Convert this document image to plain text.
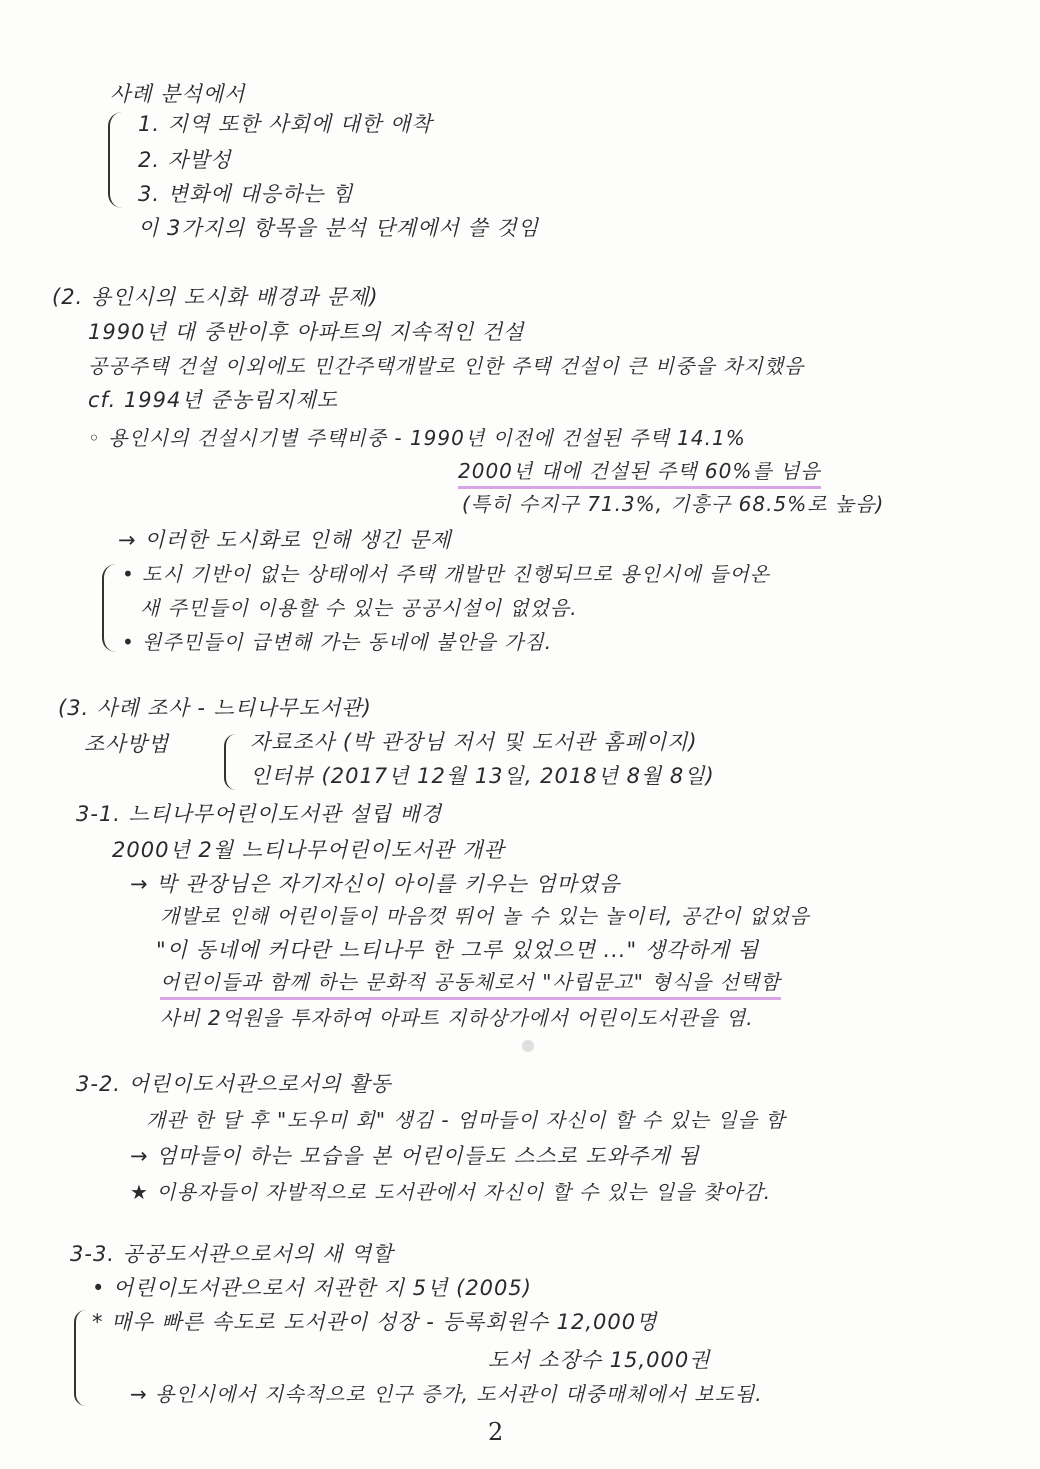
사례 분석에서
1. 지역 또한 사회에 대한 애착
2. 자발성
3. 변화에 대응하는 힘
이 3가지의 항목을 분석 단계에서 쓸 것임
(2. 용인시의 도시화 배경과 문제)
1990년 대 중반이후 아파트의 지속적인 건설
공공주택 건설 이외에도 민간주택개발로 인한 주택 건설이 큰 비중을 차지했음
cf. 1994년 준농림지제도
◦ 용인시의 건설시기별 주택비중 - 1990년 이전에 건설된 주택 14.1%
2000년 대에 건설된 주택 60%를 넘음
(특히 수지구 71.3%, 기흥구 68.5%로 높음)
→ 이러한 도시화로 인해 생긴 문제
• 도시 기반이 없는 상태에서 주택 개발만 진행되므로 용인시에 들어온
새 주민들이 이용할 수 있는 공공시설이 없었음.
• 원주민들이 급변해 가는 동네에 불안을 가짐.
(3. 사례 조사 - 느티나무도서관)
조사방법	자료조사 (박 관장님 저서 및 도서관 홈페이지)
인터뷰 (2017년 12월 13일, 2018년 8월 8일)
3-1. 느티나무어린이도서관 설립 배경
2000년 2월 느티나무어린이도서관 개관
→ 박 관장님은 자기자신이 아이를 키우는 엄마였음
개발로 인해 어린이들이 마음껏 뛰어 놀 수 있는 놀이터, 공간이 없었음
"이 동네에 커다란 느티나무 한 그루 있었으면 ..." 생각하게 됨
어린이들과 함께 하는 문화적 공동체로서 "사립문고" 형식을 선택함
사비 2억원을 투자하여 아파트 지하상가에서 어린이도서관을 염.
3-2. 어린이도서관으로서의 활동
개관 한 달 후 "도우미 회" 생김 - 엄마들이 자신이 할 수 있는 일을 함
→ 엄마들이 하는 모습을 본 어린이들도 스스로 도와주게 됨
★ 이용자들이 자발적으로 도서관에서 자신이 할 수 있는 일을 찾아감.
3-3. 공공도서관으로서의 새 역할
• 어린이도서관으로서 저관한 지 5년 (2005)
* 매우 빠른 속도로 도서관이 성장 - 등록회원수 12,000명
도서 소장수 15,000권
→ 용인시에서 지속적으로 인구 증가, 도서관이 대중매체에서 보도됨.
2
